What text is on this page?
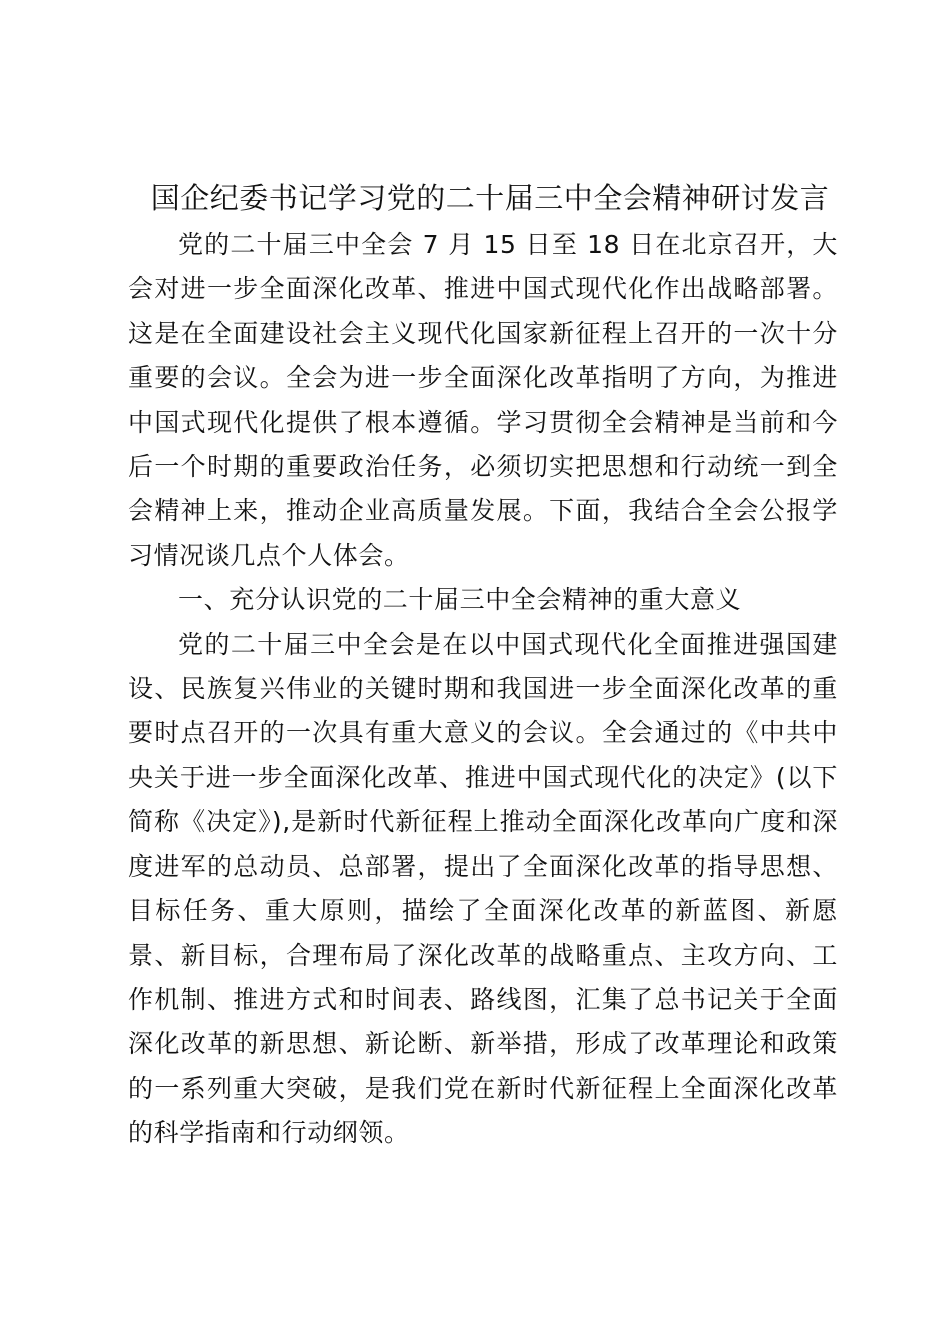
国企纪委书记学习党的二十届三中全会精神研讨发言

党的二十届三中全会 7 月 15 日至 18 日在北京召开，大会对进一步全面深化改革、推进中国式现代化作出战略部署。这是在全面建设社会主义现代化国家新征程上召开的一次十分重要的会议。全会为进一步全面深化改革指明了方向，为推进中国式现代化提供了根本遵循。学习贯彻全会精神是当前和今后一个时期的重要政治任务，必须切实把思想和行动统一到全会精神上来，推动企业高质量发展。下面，我结合全会公报学习情况谈几点个人体会。

一、充分认识党的二十届三中全会精神的重大意义

党的二十届三中全会是在以中国式现代化全面推进强国建设、民族复兴伟业的关键时期和我国进一步全面深化改革的重要时点召开的一次具有重大意义的会议。全会通过的《中共中央关于进一步全面深化改革、推进中国式现代化的决定》(以下简称《决定》),是新时代新征程上推动全面深化改革向广度和深度进军的总动员、总部署，提出了全面深化改革的指导思想、目标任务、重大原则，描绘了全面深化改革的新蓝图、新愿景、新目标，合理布局了深化改革的战略重点、主攻方向、工作机制、推进方式和时间表、路线图，汇集了总书记关于全面深化改革的新思想、新论断、新举措，形成了改革理论和政策的一系列重大突破，是我们党在新时代新征程上全面深化改革的科学指南和行动纲领。
